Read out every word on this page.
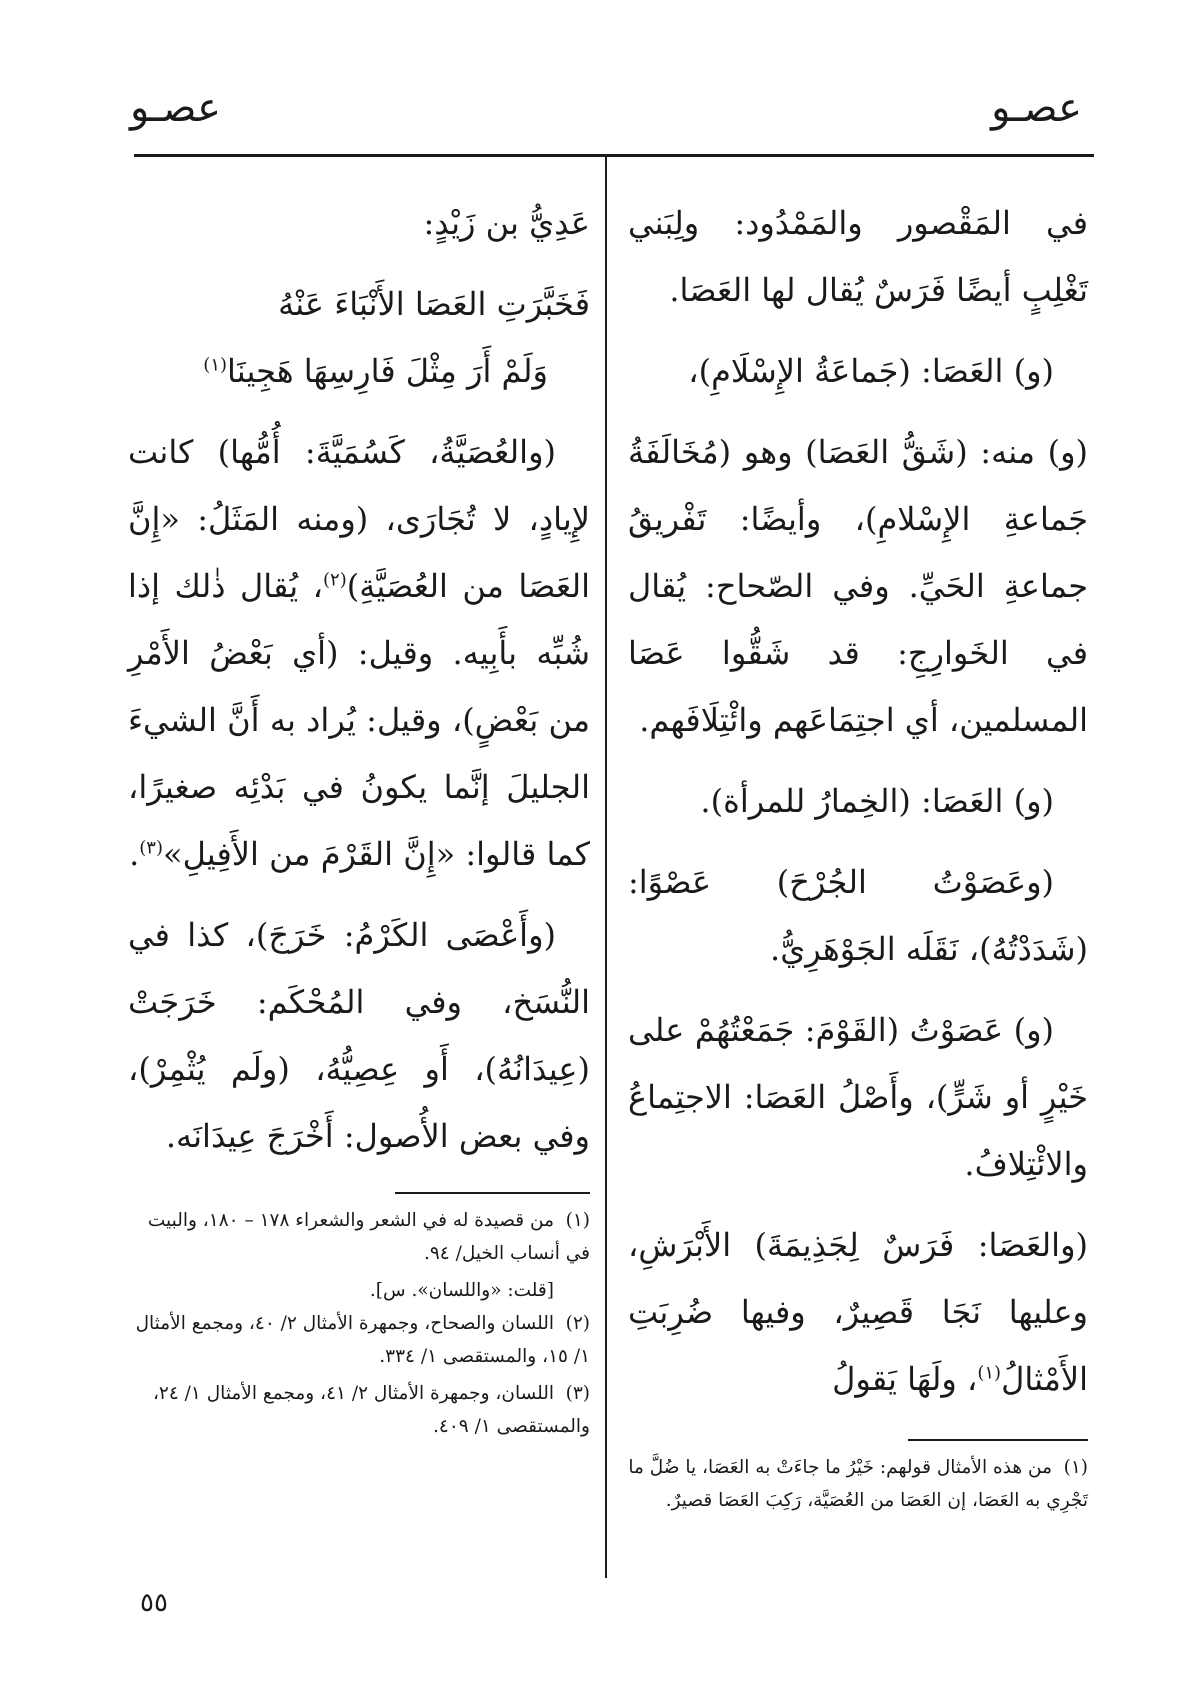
عصـو
عصـو

في المَقْصور والمَمْدُود: ولِبَني تَغْلِبٍ أيضًا فَرَسٌ يُقال لها العَصَا.

(و) العَصَا: (جَماعَةُ الإِسْلَامِ)،

(و) منه: (شَقُّ العَصَا) وهو (مُخَالَفَةُ جَماعةِ الإِسْلامِ)، وأيضًا: تَفْريقُ جماعةِ الحَيِّ. وفي الصّحاح: يُقال في الخَوارِجِ: قد شَقُّوا عَصَا المسلمين، أي اجتِمَاعَهم وائْتِلَافَهم.

(و) العَصَا: (الخِمارُ للمرأة).

(وعَصَوْتُ الجُرْحَ) عَصْوًا: (شَدَدْتُهُ)، نَقَلَه الجَوْهَرِيُّ.

(و) عَصَوْتُ (القَوْمَ: جَمَعْتُهُمْ على خَيْرٍ أو شَرٍّ)، وأَصْلُ العَصَا: الاجتِماعُ والائْتِلافُ.

(والعَصَا: فَرَسٌ لِجَذِيمَةَ) الأَبْرَشِ، وعليها نَجَا قَصِيرٌ، وفيها ضُرِبَتِ الأَمْثالُ$^{(١)}$، ولَهَا يَقولُ

(١)من هذه الأمثال قولهم: خَيْرُ ما جاءَتْ به العَصَا، يا ضُلَّ ما تَجْرِي به العَصَا، إن العَصَا من العُصَيَّة، رَكِبَ العَصَا قصيرٌ.

عَدِيُّ بن زَيْدٍ:

فَخَبَّرَتِ العَصَا الأَنْبَاءَ عَنْهُ

وَلَمْ أَرَ مِثْلَ فَارِسِهَا هَجِينَا$^{(١)}$

(والعُصَيَّةُ، كَسُمَيَّةَ: أُمُّها) كانت لإِيادٍ، لا تُجَارَى، (ومنه المَثَلُ: «إِنَّ العَصَا من العُصَيَّةِ)$^{(٢)}$، يُقال ذٰلك إذا شُبِّه بأَبِيه. وقيل: (أي بَعْضُ الأَمْرِ من بَعْضٍ)، وقيل: يُراد به أَنَّ الشيءَ الجليلَ إنَّما يكونُ في بَدْئِه صغيرًا، كما قالوا: «إِنَّ القَرْمَ من الأَفِيلِ»$^{(٣)}$.

(وأَعْصَى الكَرْمُ: خَرَجَ)، كذا في النُّسَخ، وفي المُحْكَم: خَرَجَتْ (عِيدَانُهُ)، أَو عِصِيُّهُ، (ولَم يُثْمِرْ)، وفي بعض الأُصول: أَخْرَجَ عِيدَانَه.

(١)من قصيدة له في الشعر والشعراء ١٧٨ – ١٨٠، والبيت في أنساب الخيل/ ٩٤.

[قلت: «واللسان». س].

(٢)اللسان والصحاح، وجمهرة الأمثال ٢/ ٤٠، ومجمع الأمثال ١/ ١٥، والمستقصى ١/ ٣٣٤.

(٣)اللسان، وجمهرة الأمثال ٢/ ٤١، ومجمع الأمثال ١/ ٢٤، والمستقصى ١/ ٤٠٩.

٥٥
